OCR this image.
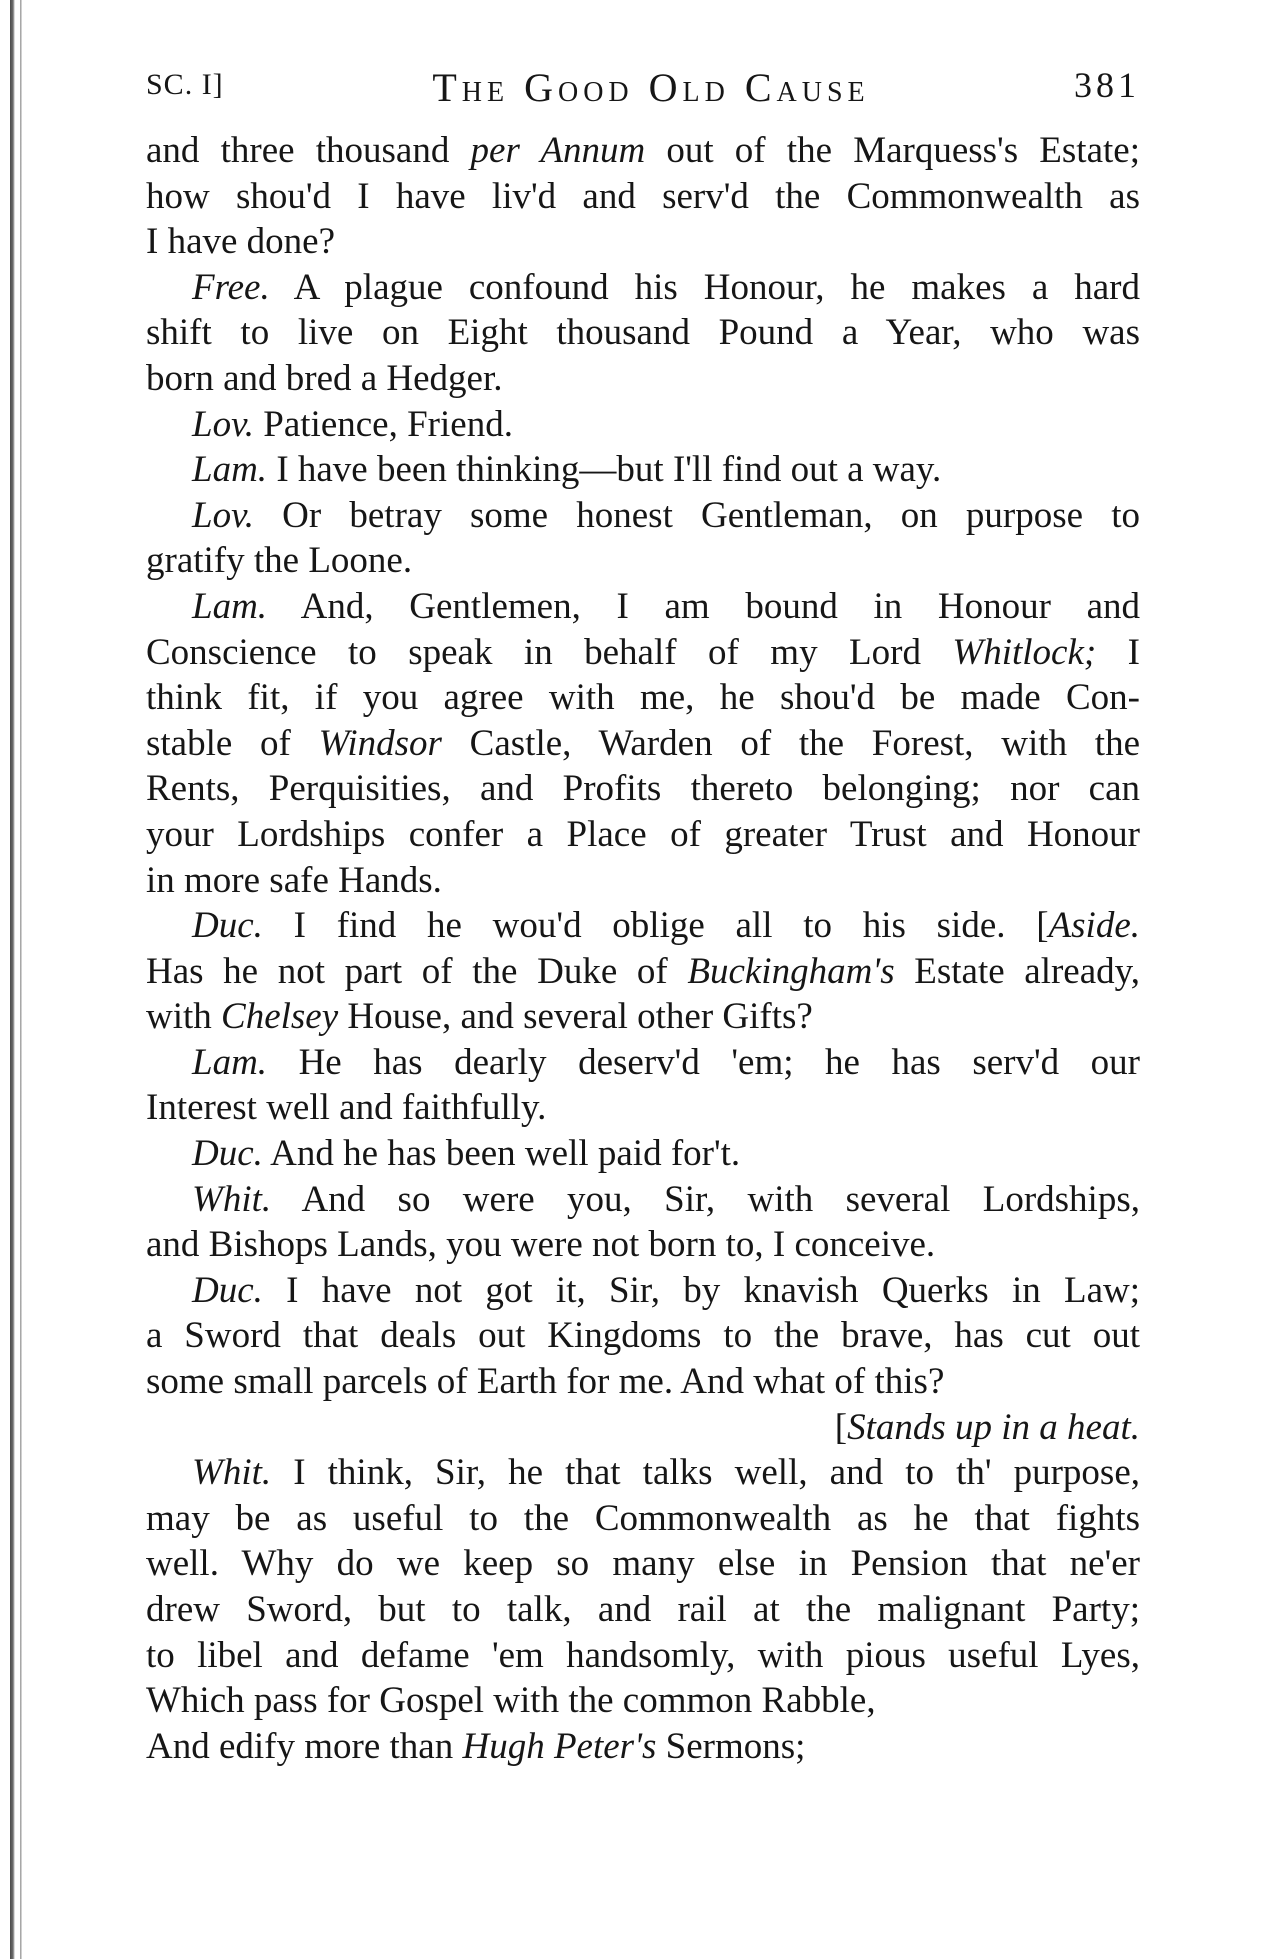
SC. I]	The Good Old Cause	381
and three thousand per Annum out of the Marquess's Estate;
how shou'd I have liv'd and serv'd the Commonwealth as
I have done?
Free. A plague confound his Honour, he makes a hard
shift to live on Eight thousand Pound a Year, who was
born and bred a Hedger.
Lov. Patience, Friend.
Lam. I have been thinking—but I'll find out a way.
Lov. Or betray some honest Gentleman, on purpose to
gratify the Loone.
Lam. And, Gentlemen, I am bound in Honour and
Conscience to speak in behalf of my Lord Whitlock; I
think fit, if you agree with me, he shou'd be made Con-
stable of Windsor Castle, Warden of the Forest, with the
Rents, Perquisities, and Profits thereto belonging; nor can
your Lordships confer a Place of greater Trust and Honour
in more safe Hands.
Duc. I find he wou'd oblige all to his side. [Aside.
Has he not part of the Duke of Buckingham's Estate already,
with Chelsey House, and several other Gifts?
Lam. He has dearly deserv'd 'em; he has serv'd our
Interest well and faithfully.
Duc. And he has been well paid for't.
Whit. And so were you, Sir, with several Lordships,
and Bishops Lands, you were not born to, I conceive.
Duc. I have not got it, Sir, by knavish Querks in Law;
a Sword that deals out Kingdoms to the brave, has cut out
some small parcels of Earth for me. And what of this?
[Stands up in a heat.
Whit. I think, Sir, he that talks well, and to th' purpose,
may be as useful to the Commonwealth as he that fights
well. Why do we keep so many else in Pension that ne'er
drew Sword, but to talk, and rail at the malignant Party;
to libel and defame 'em handsomly, with pious useful Lyes,
Which pass for Gospel with the common Rabble,
And edify more than Hugh Peter's Sermons;
